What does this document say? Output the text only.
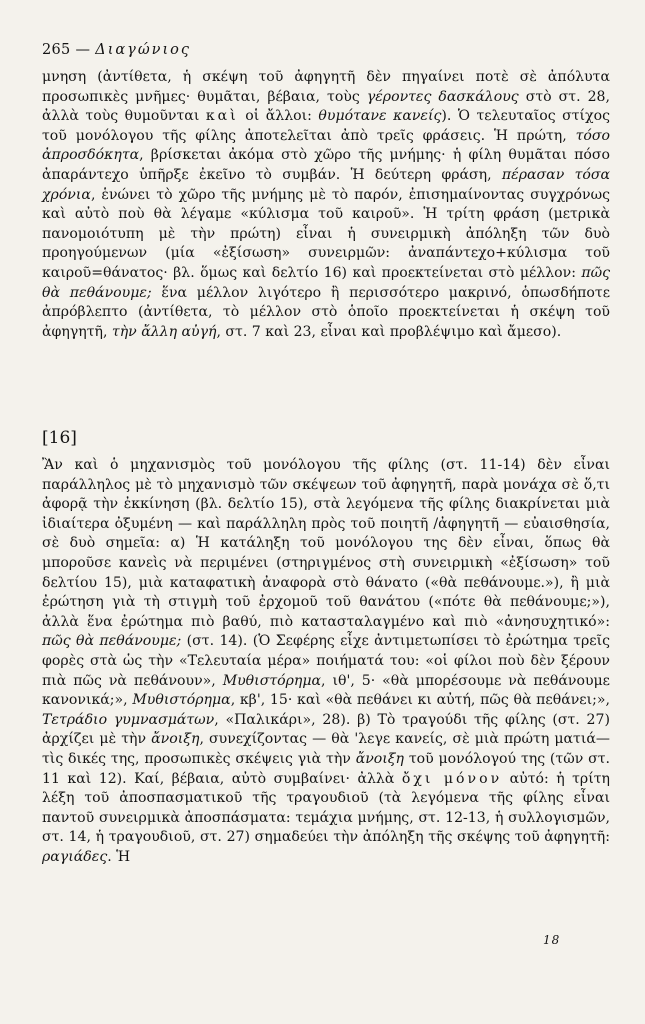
265 — Διαγώνιος

μνηση (ἀντίθετα, ἡ σκέψη τοῦ ἀφηγητῆ δὲν πηγαίνει ποτὲ σὲ ἀπόλυτα προσωπικὲς μνῆμες· θυμᾶται, βέβαια, τοὺς γέροντες δασκάλους στὸ στ. 28, ἀλλὰ τοὺς θυμοῦνται καὶ οἱ ἄλλοι: θυμότανε κανείς). Ὁ τελευταῖος στίχος τοῦ μονόλογου τῆς φίλης ἀποτελεῖται ἀπὸ τρεῖς φράσεις. Ἡ πρώτη, τόσο ἀπροσδόκητα, βρίσκεται ἀκόμα στὸ χῶρο τῆς μνήμης· ἡ φίλη θυμᾶται πόσο ἀπαράντεχο ὑπῆρξε ἐκεῖνο τὸ συμβάν. Ἡ δεύτερη φράση, πέρασαν τόσα χρόνια, ἑνώνει τὸ χῶρο τῆς μνήμης μὲ τὸ παρόν, ἐπισημαίνοντας συγχρόνως καὶ αὐτὸ ποὺ θὰ λέγαμε «κύλισμα τοῦ καιροῦ». Ἡ τρίτη φράση (μετρικὰ πανομοιότυπη μὲ τὴν πρώτη) εἶναι ἡ συνειρμικὴ ἀπόληξη τῶν δυὸ προηγούμενων (μία «ἐξίσωση» συνειρμῶν: ἀναπάντεχο+κύλισμα τοῦ καιροῦ=θάνατος· βλ. ὅμως καὶ δελτίο 16) καὶ προεκτείνεται στὸ μέλλον: πῶς θὰ πεθάνουμε; ἕνα μέλλον λιγότερο ἢ περισσότερο μακρινό, ὁπωσδήποτε ἀπρόβλεπτο (ἀντίθετα, τὸ μέλλον στὸ ὁποῖο προεκτείνεται ἡ σκέψη τοῦ ἀφηγητῆ, τὴν ἄλλη αὐγή, στ. 7 καὶ 23, εἶναι καὶ προβλέψιμο καὶ ἄμεσο).

[16]

Ἂν καὶ ὁ μηχανισμὸς τοῦ μονόλογου τῆς φίλης (στ. 11-14) δὲν εἶναι παράλληλος μὲ τὸ μηχανισμὸ τῶν σκέψεων τοῦ ἀφηγητῆ, παρὰ μονάχα σὲ ὅ,τι ἀφορᾷ τὴν ἐκκίνηση (βλ. δελτίο 15), στὰ λεγόμενα τῆς φίλης διακρίνεται μιὰ ἰδιαίτερα ὀξυμένη — καὶ παράλληλη πρὸς τοῦ ποιητῆ /ἀφηγητῆ — εὐαισθησία, σὲ δυὸ σημεῖα: α) Ἡ κατάληξη τοῦ μονόλογου της δὲν εἶναι, ὅπως θὰ μποροῦσε κανεὶς νὰ περιμένει (στηριγμένος στὴ συνειρμικὴ «ἐξίσωση» τοῦ δελτίου 15), μιὰ καταφατικὴ ἀναφορὰ στὸ θάνατο («θὰ πεθάνουμε.»), ἢ μιὰ ἐρώτηση γιὰ τὴ στιγμὴ τοῦ ἐρχομοῦ τοῦ θανάτου («πότε θὰ πεθάνουμε;»), ἀλλὰ ἕνα ἐρώτημα πιὸ βαθύ, πιὸ κατασταλαγμένο καὶ πιὸ «ἀνησυχητικό»: πῶς θὰ πεθάνουμε; (στ. 14). (Ὁ Σεφέρης εἶχε ἀντιμετωπίσει τὸ ἐρώτημα τρεῖς φορὲς στὰ ὡς τὴν «Τελευταία μέρα» ποιήματά του: «οἱ φίλοι ποὺ δὲν ξέρουν πιὰ πῶς νὰ πεθάνουν», Μυθιστόρημα, ιθ', 5· «θὰ μπορέσουμε νὰ πεθάνουμε κανονικά;», Μυθιστόρημα, κβ', 15· καὶ «θὰ πεθάνει κι αὐτή, πῶς θὰ πεθάνει;», Τετράδιο γυμνασμάτων, «Παλικάρι», 28). β) Τὸ τραγούδι τῆς φίλης (στ. 27) ἀρχίζει μὲ τὴν ἄνοιξη, συνεχίζοντας — θὰ 'λεγε κανείς, σὲ μιὰ πρώτη ματιά— τὶς δικές της, προσωπικὲς σκέψεις γιὰ τὴν ἄνοιξη τοῦ μονόλογού της (τῶν στ. 11 καὶ 12). Καί, βέβαια, αὐτὸ συμβαίνει· ἀλλὰ ὄχι μόνον αὐτό: ἡ τρίτη λέξη τοῦ ἀποσπασματικοῦ τῆς τραγουδιοῦ (τὰ λεγόμενα τῆς φίλης εἶναι παντοῦ συνειρμικὰ ἀποσπάσματα: τεμάχια μνήμης, στ. 12-13, ἡ συλλογισμῶν, στ. 14, ἡ τραγουδιοῦ, στ. 27) σημαδεύει τὴν ἀπόληξη τῆς σκέψης τοῦ ἀφηγητῆ: ραγιάδες. Ἡ

18
